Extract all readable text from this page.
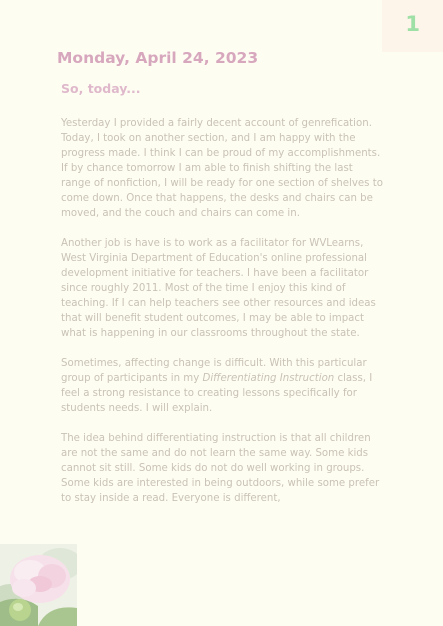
1
Monday, April 24, 2023
So, today...

Yesterday I provided a fairly decent account of genrefication. Today, I took on another section, and I am happy with the progress made. I think I can be proud of my accomplishments. If by chance tomorrow I am able to finish shifting the last range of nonfiction, I will be ready for one section of shelves to come down. Once that happens, the desks and chairs can be moved, and the couch and chairs can come in.

Another job is have is to work as a facilitator for WVLearns, West Virginia Department of Education's online professional development initiative for teachers. I have been a facilitator since roughly 2011. Most of the time I enjoy this kind of teaching. If I can help teachers see other resources and ideas that will benefit student outcomes, I may be able to impact what is happening in our classrooms throughout the state.

Sometimes, affecting change is difficult. With this particular group of participants in my Differentiating Instruction class, I feel a strong resistance to creating lessons specifically for students needs. I will explain.

The idea behind differentiating instruction is that all children are not the same and do not learn the same way. Some kids cannot sit still. Some kids do not do well working in groups. Some kids are interested in being outdoors, while some prefer to stay inside a read. Everyone is different,
